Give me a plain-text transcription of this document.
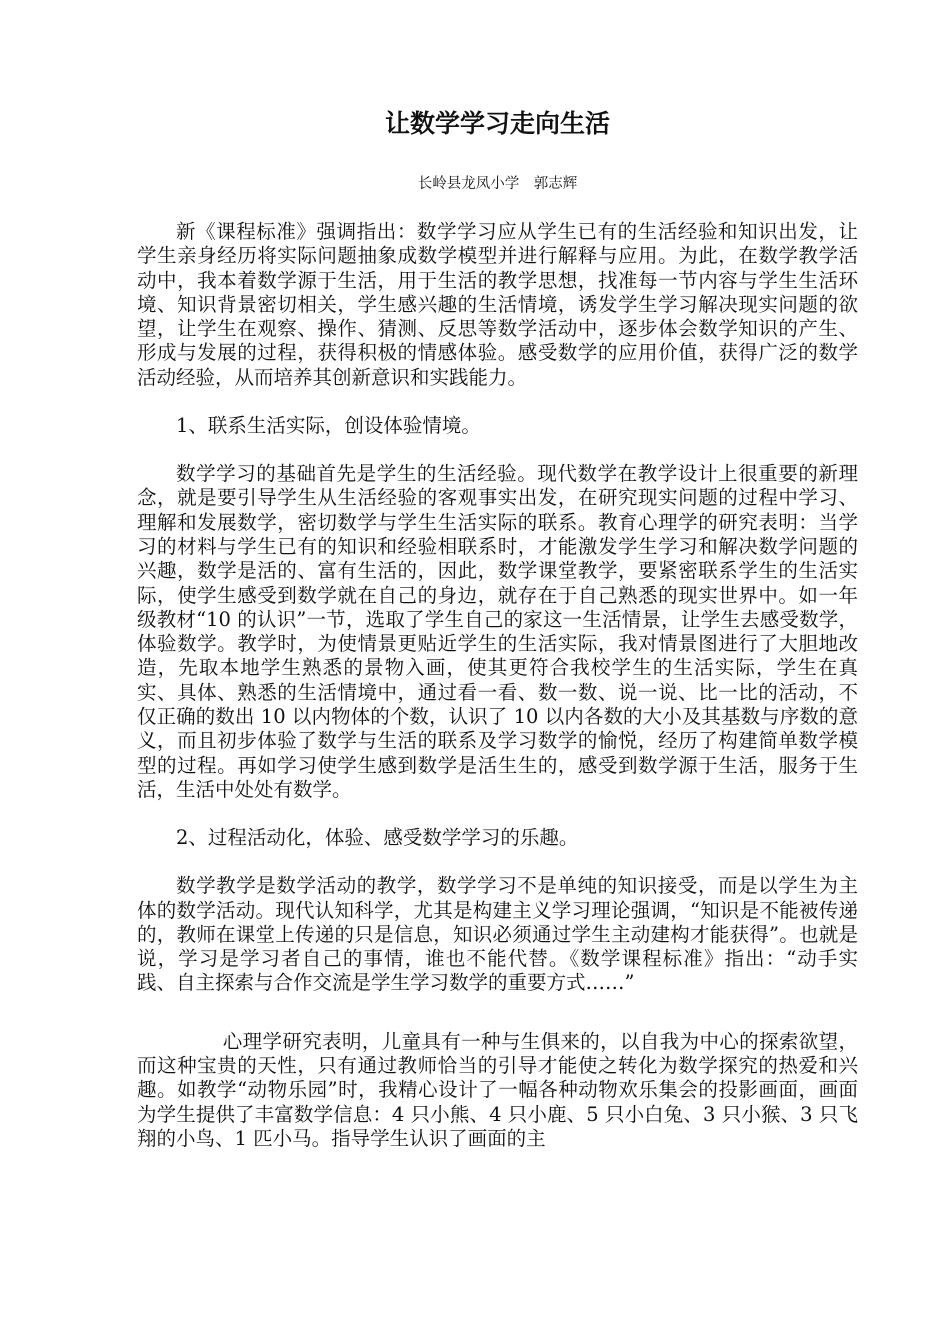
让数学学习走向生活

长岭县龙凤小学　郭志辉

新《课程标准》强调指出：数学学习应从学生已有的生活经验和知识出发，让学生亲身经历将实际问题抽象成数学模型并进行解释与应用。为此，在数学教学活动中，我本着数学源于生活，用于生活的教学思想，找准每一节内容与学生生活环境、知识背景密切相关，学生感兴趣的生活情境，诱发学生学习解决现实问题的欲望，让学生在观察、操作、猜测、反思等数学活动中，逐步体会数学知识的产生、形成与发展的过程，获得积极的情感体验。感受数学的应用价值，获得广泛的数学活动经验，从而培养其创新意识和实践能力。

1、联系生活实际，创设体验情境。

数学学习的基础首先是学生的生活经验。现代数学在教学设计上很重要的新理念，就是要引导学生从生活经验的客观事实出发，在研究现实问题的过程中学习、理解和发展数学，密切数学与学生生活实际的联系。教育心理学的研究表明：当学习的材料与学生已有的知识和经验相联系时，才能激发学生学习和解决数学问题的兴趣，数学是活的、富有生活的，因此，数学课堂教学，要紧密联系学生的生活实际，使学生感受到数学就在自己的身边，就存在于自己熟悉的现实世界中。如一年级教材“10 的认识”一节，选取了学生自己的家这一生活情景，让学生去感受数学，体验数学。教学时，为使情景更贴近学生的生活实际，我对情景图进行了大胆地改造，先取本地学生熟悉的景物入画，使其更符合我校学生的生活实际，学生在真实、具体、熟悉的生活情境中，通过看一看、数一数、说一说、比一比的活动，不仅正确的数出 10 以内物体的个数，认识了 10 以内各数的大小及其基数与序数的意义，而且初步体验了数学与生活的联系及学习数学的愉悦，经历了构建简单数学模型的过程。再如学习使学生感到数学是活生生的，感受到数学源于生活，服务于生活，生活中处处有数学。

2、过程活动化，体验、感受数学学习的乐趣。

数学教学是数学活动的教学，数学学习不是单纯的知识接受，而是以学生为主体的数学活动。现代认知科学，尤其是构建主义学习理论强调，“知识是不能被传递的，教师在课堂上传递的只是信息，知识必须通过学生主动建构才能获得”。也就是说，学习是学习者自己的事情，谁也不能代替。《数学课程标准》指出：“动手实践、自主探索与合作交流是学生学习数学的重要方式……”

心理学研究表明，儿童具有一种与生俱来的，以自我为中心的探索欲望，而这种宝贵的天性，只有通过教师恰当的引导才能使之转化为数学探究的热爱和兴趣。如教学“动物乐园”时，我精心设计了一幅各种动物欢乐集会的投影画面，画面为学生提供了丰富数学信息：4 只小熊、4 只小鹿、5 只小白兔、3 只小猴、3 只飞翔的小鸟、1 匹小马。指导学生认识了画面的主
